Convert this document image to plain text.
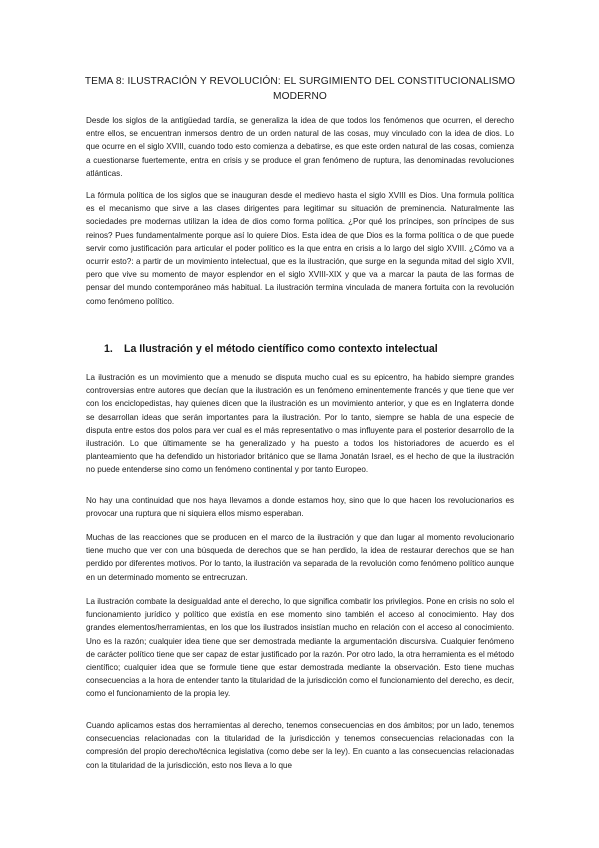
TEMA 8: ILUSTRACIÓN Y REVOLUCIÓN: EL SURGIMIENTO DEL CONSTITUCIONALISMO
MODERNO

Desde los siglos de la antigüedad tardía, se generaliza la idea de que todos los fenómenos que ocurren, el derecho entre ellos, se encuentran inmersos dentro de un orden natural de las cosas, muy vinculado con la idea de dios. Lo que ocurre en el siglo XVIII, cuando todo esto comienza a debatirse, es que este orden natural de las cosas, comienza a cuestionarse fuertemente, entra en crisis y se produce el gran fenómeno de ruptura, las denominadas revoluciones atlánticas.

La fórmula política de los siglos que se inauguran desde el medievo hasta el siglo XVIII es Dios. Una formula política es el mecanismo que sirve a las clases dirigentes para legitimar su situación de preminencia. Naturalmente las sociedades pre modernas utilizan la idea de dios como forma política. ¿Por qué los príncipes, son príncipes de sus reinos? Pues fundamentalmente porque así lo quiere Dios. Esta idea de que Dios es la forma política o de que puede servir como justificación para articular el poder político es la que entra en crisis a lo largo del siglo XVIII. ¿Cómo va a ocurrir esto?: a partir de un movimiento intelectual, que es la ilustración, que surge en la segunda mitad del siglo XVII, pero que vive su momento de mayor esplendor en el siglo XVIII-XIX y que va a marcar la pauta de las formas de pensar del mundo contemporáneo más habitual. La ilustración termina vinculada de manera fortuita con la revolución como fenómeno político.

1. La Ilustración y el método científico como contexto intelectual

La ilustración es un movimiento que a menudo se disputa mucho cual es su epicentro, ha habido siempre grandes controversias entre autores que decían que la ilustración es un fenómeno eminentemente francés y que tiene que ver con los enciclopedistas, hay quienes dicen que la ilustración es un movimiento anterior, y que es en Inglaterra donde se desarrollan ideas que serán importantes para la ilustración. Por lo tanto, siempre se habla de una especie de disputa entre estos dos polos para ver cual es el más representativo o mas influyente para el posterior desarrollo de la ilustración. Lo que últimamente se ha generalizado y ha puesto a todos los historiadores de acuerdo es el planteamiento que ha defendido un historiador británico que se llama Jonatán Israel, es el hecho de que la ilustración no puede entenderse sino como un fenómeno continental y por tanto Europeo.

No hay una continuidad que nos haya llevamos a donde estamos hoy, sino que lo que hacen los revolucionarios es provocar una ruptura que ni siquiera ellos mismo esperaban.

Muchas de las reacciones que se producen en el marco de la ilustración y que dan lugar al momento revolucionario tiene mucho que ver con una búsqueda de derechos que se han perdido, la idea de restaurar derechos que se han perdido por diferentes motivos. Por lo tanto, la ilustración va separada de la revolución como fenómeno político aunque en un determinado momento se entrecruzan.

La ilustración combate la desigualdad ante el derecho, lo que significa combatir los privilegios. Pone en crisis no solo el funcionamiento jurídico y político que existía en ese momento sino también el acceso al conocimiento. Hay dos grandes elementos/herramientas, en los que los ilustrados insistían mucho en relación con el acceso al conocimiento. Uno es la razón; cualquier idea tiene que ser demostrada mediante la argumentación discursiva. Cualquier fenómeno de carácter político tiene que ser capaz de estar justificado por la razón. Por otro lado, la otra herramienta es el método científico; cualquier idea que se formule tiene que estar demostrada mediante la observación. Esto tiene muchas consecuencias a la hora de entender tanto la titularidad de la jurisdicción como el funcionamiento del derecho, es decir, como el funcionamiento de la propia ley.

Cuando aplicamos estas dos herramientas al derecho, tenemos consecuencias en dos ámbitos; por un lado, tenemos consecuencias relacionadas con la titularidad de la jurisdicción y tenemos consecuencias relacionadas con la compresión del propio derecho/técnica legislativa (como debe ser la ley). En cuanto a las consecuencias relacionadas con la titularidad de la jurisdicción, esto nos lleva a lo que
